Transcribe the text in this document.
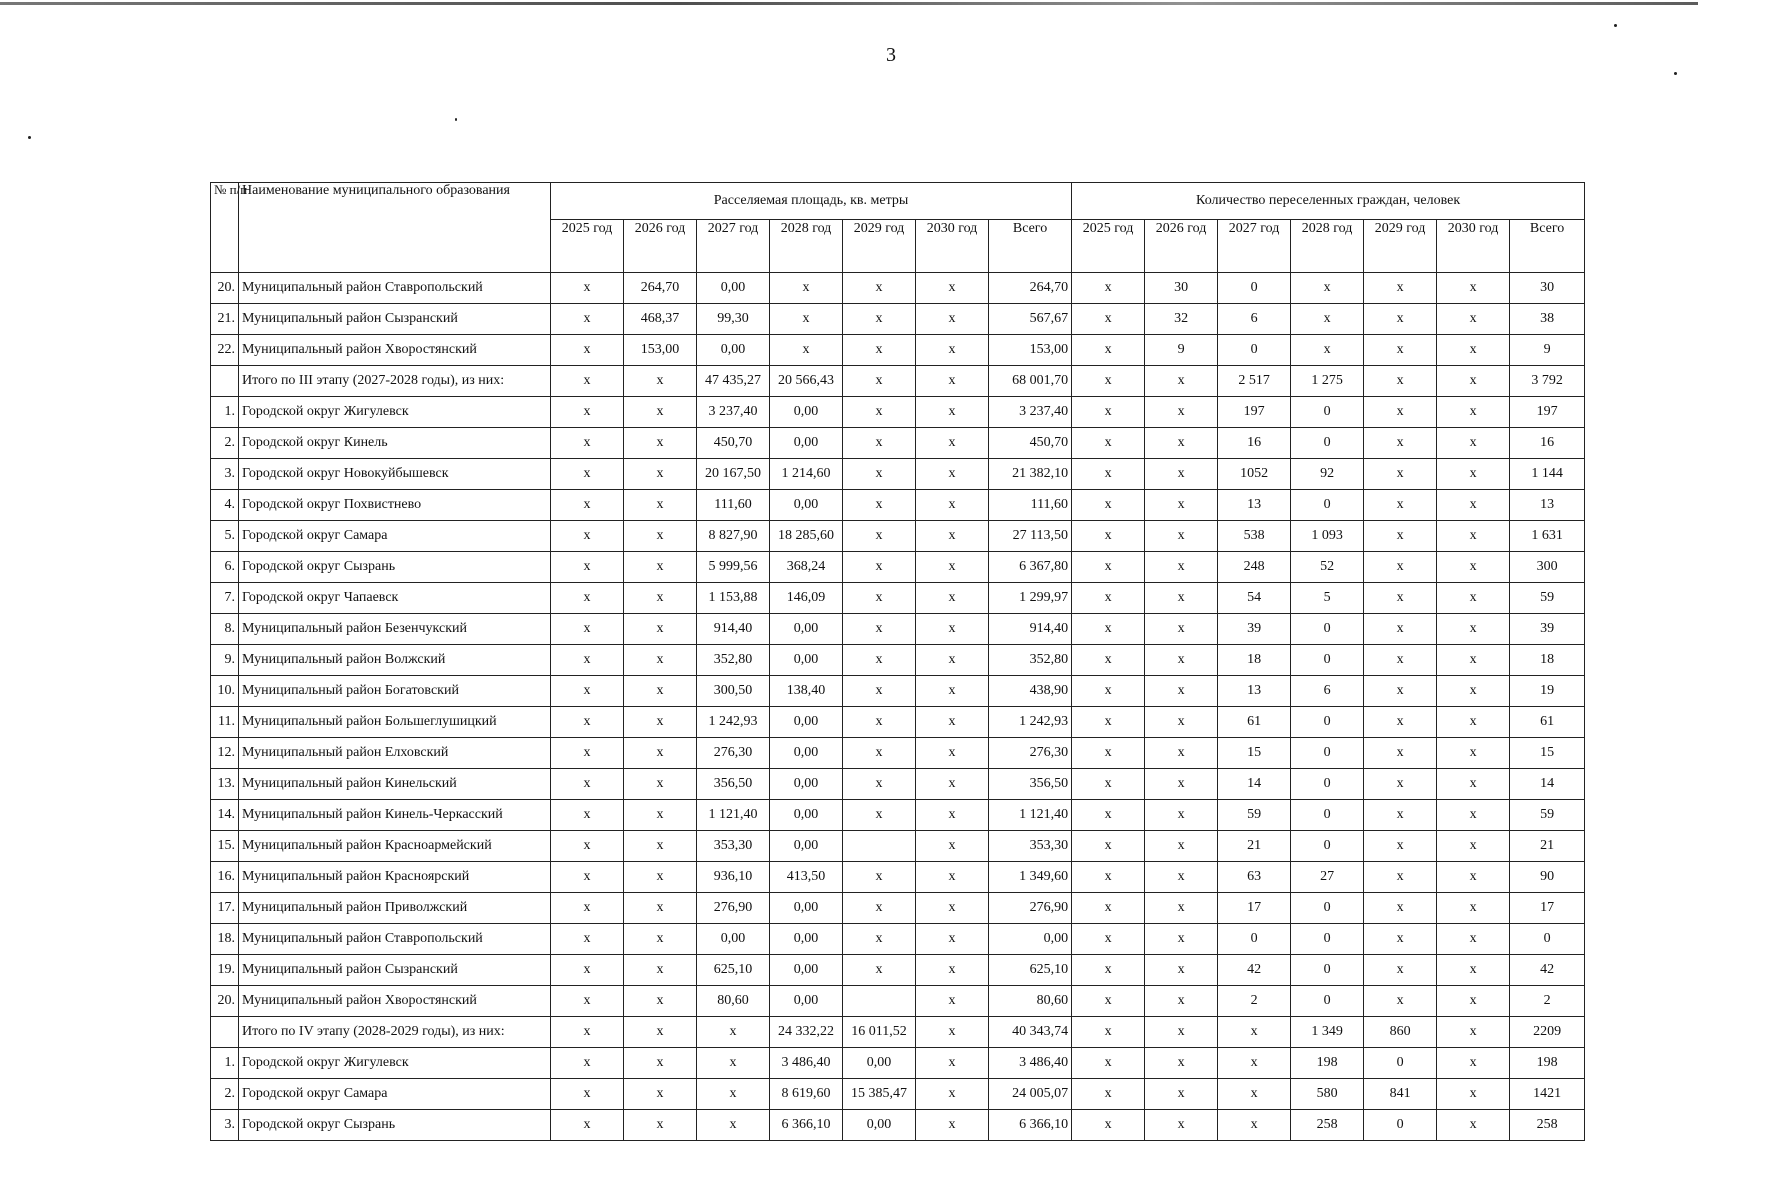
3
№ п/п	Наименование муниципального образования	Расселяемая площадь, кв. метры							Количество переселенных граждан, человек						
		2025 год	2026 год	2027 год	2028 год	2029 год	2030 год	Всего	2025 год	2026 год	2027 год	2028 год	2029 год	2030 год	Всего
20.	Муниципальный район Ставропольский	x	264,70	0,00	x	x	x	264,70	x	30	0	x	x	x	30
21.	Муниципальный район Сызранский	x	468,37	99,30	x	x	x	567,67	x	32	6	x	x	x	38
22.	Муниципальный район Хворостянский	x	153,00	0,00	x	x	x	153,00	x	9	0	x	x	x	9
	Итого по III этапу (2027-2028 годы), из них:	x	x	47 435,27	20 566,43	x	x	68 001,70	x	x	2 517	1 275	x	x	3 792
1.	Городской округ Жигулевск	x	x	3 237,40	0,00	x	x	3 237,40	x	x	197	0	x	x	197
2.	Городской округ Кинель	x	x	450,70	0,00	x	x	450,70	x	x	16	0	x	x	16
3.	Городской округ Новокуйбышевск	x	x	20 167,50	1 214,60	x	x	21 382,10	x	x	1052	92	x	x	1 144
4.	Городской округ Похвистнево	x	x	111,60	0,00	x	x	111,60	x	x	13	0	x	x	13
5.	Городской округ Самара	x	x	8 827,90	18 285,60	x	x	27 113,50	x	x	538	1 093	x	x	1 631
6.	Городской округ Сызрань	x	x	5 999,56	368,24	x	x	6 367,80	x	x	248	52	x	x	300
7.	Городской округ Чапаевск	x	x	1 153,88	146,09	x	x	1 299,97	x	x	54	5	x	x	59
8.	Муниципальный район Безенчукский	x	x	914,40	0,00	x	x	914,40	x	x	39	0	x	x	39
9.	Муниципальный район Волжский	x	x	352,80	0,00	x	x	352,80	x	x	18	0	x	x	18
10.	Муниципальный район Богатовский	x	x	300,50	138,40	x	x	438,90	x	x	13	6	x	x	19
11.	Муниципальный район Большеглушицкий	x	x	1 242,93	0,00	x	x	1 242,93	x	x	61	0	x	x	61
12.	Муниципальный район Елховский	x	x	276,30	0,00	x	x	276,30	x	x	15	0	x	x	15
13.	Муниципальный район Кинельский	x	x	356,50	0,00	x	x	356,50	x	x	14	0	x	x	14
14.	Муниципальный район Кинель-Черкасский	x	x	1 121,40	0,00	x	x	1 121,40	x	x	59	0	x	x	59
15.	Муниципальный район Красноармейский	x	x	353,30	0,00		x	353,30	x	x	21	0	x	x	21
16.	Муниципальный район Красноярский	x	x	936,10	413,50	x	x	1 349,60	x	x	63	27	x	x	90
17.	Муниципальный район Приволжский	x	x	276,90	0,00	x	x	276,90	x	x	17	0	x	x	17
18.	Муниципальный район Ставропольский	x	x	0,00	0,00	x	x	0,00	x	x	0	0	x	x	0
19.	Муниципальный район Сызранский	x	x	625,10	0,00	x	x	625,10	x	x	42	0	x	x	42
20.	Муниципальный район Хворостянский	x	x	80,60	0,00		x	80,60	x	x	2	0	x	x	2
	Итого по IV этапу (2028-2029 годы), из них:	x	x	x	24 332,22	16 011,52	x	40 343,74	x	x	x	1 349	860	x	2209
1.	Городской округ Жигулевск	x	x	x	3 486,40	0,00	x	3 486,40	x	x	x	198	0	x	198
2.	Городской округ Самара	x	x	x	8 619,60	15 385,47	x	24 005,07	x	x	x	580	841	x	1421
3.	Городской округ Сызрань	x	x	x	6 366,10	0,00	x	6 366,10	x	x	x	258	0	x	258
